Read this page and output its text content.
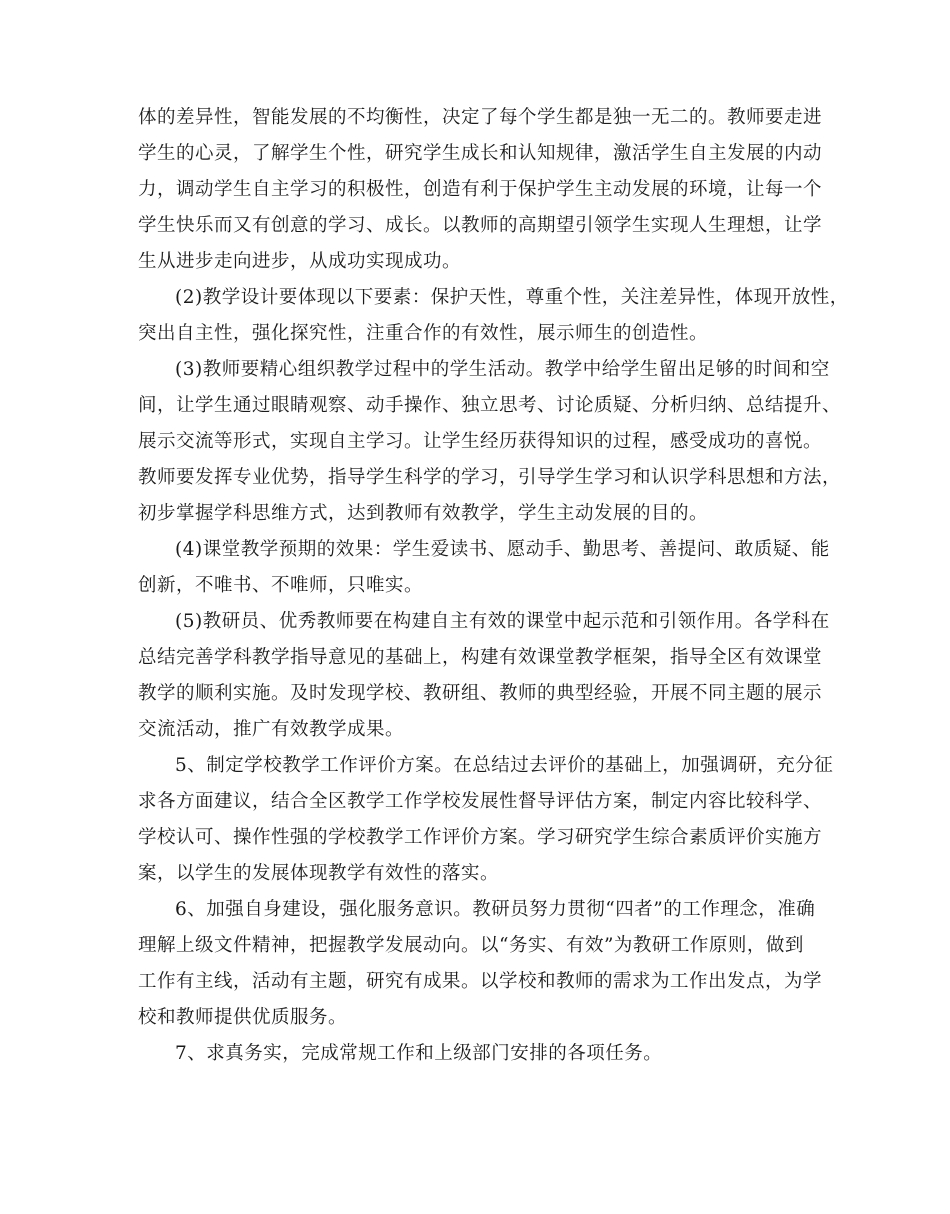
体的差异性，智能发展的不均衡性，决定了每个学生都是独一无二的。教师要走进
学生的心灵，了解学生个性，研究学生成长和认知规律，激活学生自主发展的内动
力，调动学生自主学习的积极性，创造有利于保护学生主动发展的环境，让每一个
学生快乐而又有创意的学习、成长。以教师的高期望引领学生实现人生理想，让学
生从进步走向进步，从成功实现成功。
(2)教学设计要体现以下要素：保护天性，尊重个性，关注差异性，体现开放性，
突出自主性，强化探究性，注重合作的有效性，展示师生的创造性。
(3)教师要精心组织教学过程中的学生活动。教学中给学生留出足够的时间和空
间，让学生通过眼睛观察、动手操作、独立思考、讨论质疑、分析归纳、总结提升、
展示交流等形式，实现自主学习。让学生经历获得知识的过程，感受成功的喜悦。
教师要发挥专业优势，指导学生科学的学习，引导学生学习和认识学科思想和方法，
初步掌握学科思维方式，达到教师有效教学，学生主动发展的目的。
(4)课堂教学预期的效果：学生爱读书、愿动手、勤思考、善提问、敢质疑、能
创新，不唯书、不唯师，只唯实。
(5)教研员、优秀教师要在构建自主有效的课堂中起示范和引领作用。各学科在
总结完善学科教学指导意见的基础上，构建有效课堂教学框架，指导全区有效课堂
教学的顺利实施。及时发现学校、教研组、教师的典型经验，开展不同主题的展示
交流活动，推广有效教学成果。
5、制定学校教学工作评价方案。在总结过去评价的基础上，加强调研，充分征
求各方面建议，结合全区教学工作学校发展性督导评估方案，制定内容比较科学、
学校认可、操作性强的学校教学工作评价方案。学习研究学生综合素质评价实施方
案，以学生的发展体现教学有效性的落实。
6、加强自身建设，强化服务意识。教研员努力贯彻“四者”的工作理念，准确
理解上级文件精神，把握教学发展动向。以“务实、有效”为教研工作原则，做到
工作有主线，活动有主题，研究有成果。以学校和教师的需求为工作出发点，为学
校和教师提供优质服务。
7、求真务实，完成常规工作和上级部门安排的各项任务。
